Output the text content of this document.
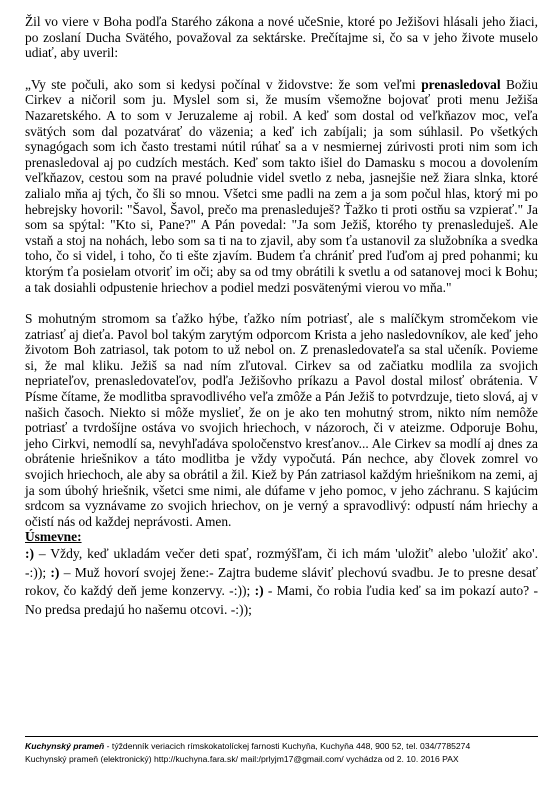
Žil vo viere v Boha podľa Starého zákona a nové učeSnie, ktoré po Ježišovi hlásali jeho žiaci, po zoslaní Ducha Svätého, považoval za sektárske. Prečítajme si, čo sa v jeho živote muselo udiať, aby uveril:

„Vy ste počuli, ako som si kedysi počínal v židovstve: že som veľmi prenasledoval Božiu Cirkev a ničoril som ju. Myslel som si, že musím všemožne bojovať proti menu Ježiša Nazaretského. A to som v Jeruzaleme aj robil. A keď som dostal od veľkňazov moc, veľa svätých som dal pozatvárať do väzenia; a keď ich zabíjali; ja som súhlasil. Po všetkých synagógach som ich často trestami nútil rúhať sa a v nesmiernej zúrivosti proti nim som ich prenasledoval aj po cudzích mestách. Keď som takto išiel do Damasku s mocou a dovolením veľkňazov, cestou som na pravé poludnie videl svetlo z neba, jasnejšie než žiara slnka, ktoré zalialo mňa aj tých, čo šli so mnou. Všetci sme padli na zem a ja som počul hlas, ktorý mi po hebrejsky hovoril: "Šavol, Šavol, prečo ma prenasleduješ? Ťažko ti proti ostňu sa vzpierať." Ja som sa spýtal: "Kto si, Pane?" A Pán povedal: "Ja som Ježiš, ktorého ty prenasleduješ. Ale vstaň a stoj na nohách, lebo som sa ti na to zjavil, aby som ťa ustanovil za služobníka a svedka toho, čo si videl, i toho, čo ti ešte zjavím. Budem ťa chrániť pred ľuďom aj pred pohanmi; ku ktorým ťa posielam otvoriť im oči; aby sa od tmy obrátili k svetlu a od satanovej moci k Bohu; a tak dosiahli odpustenie hriechov a podiel medzi posvätenými vierou vo mňa."

S mohutným stromom sa ťažko hýbe, ťažko ním potriasť, ale s malíčkym stromčekom vie zatriasť aj dieťa. Pavol bol takým zarytým odporcom Krista a jeho nasledovníkov, ale keď jeho životom Boh zatriasol, tak potom to už nebol on. Z prenasledovateľa sa stal učeník. Povieme si, že mal kliku. Ježiš sa nad ním zľutoval. Cirkev sa od začiatku modlila za svojich nepriateľov, prenasledovateľov, podľa Ježišovho príkazu a Pavol dostal milosť obrátenia. V Písme čítame, že modlitba spravodlivého veľa zmôže a Pán Ježiš to potvrdzuje, tieto slová, aj v našich časoch. Niekto si môže myslieť, že on je ako ten mohutný strom, nikto ním nemôže potriasť a tvrdošíjne ostáva vo svojich hriechoch, v názoroch, či v ateizme. Odporuje Bohu, jeho Cirkvi, nemodlí sa, nevyhľadáva spoločenstvo kresťanov... Ale Cirkev sa modlí aj dnes za obrátenie hriešnikov a táto modlitba je vždy vypočutá. Pán nechce, aby človek zomrel vo svojich hriechoch, ale aby sa obrátil a žil. Kiež by Pán zatriasol každým hriešnikom na zemi, aj ja som úbohý hriešnik, všetci sme nimi, ale dúfame v jeho pomoc, v jeho záchranu. S kajúcim srdcom sa vyznávame zo svojich hriechov, on je verný a spravodlivý: odpustí nám hriechy a očistí nás od každej neprávosti. Amen.

Úsmevne:

:) – Vždy, keď ukladám večer deti spať, rozmýšľam, či ich mám 'uložiť' alebo 'uložiť ako'. -:)); :) – Muž hovorí svojej žene:- Zajtra budeme sláviť plechovú svadbu. Je to presne desať rokov, čo každý deň jeme konzervy. -:)); :) - Mami, čo robia ľudia keď sa im pokazí auto? - No predsa predajú ho našemu otcovi. -:));

Kuchynský prameň - týždenník veriacich rímskokatolíckej farnosti Kuchyňa, Kuchyňa 448, 900 52, tel. 034/7785274
Kuchynský prameň (elektronický) http://kuchyna.fara.sk/ mail:/prlyjm17@gmail.com/ vychádza od 2. 10. 2016 PAX
